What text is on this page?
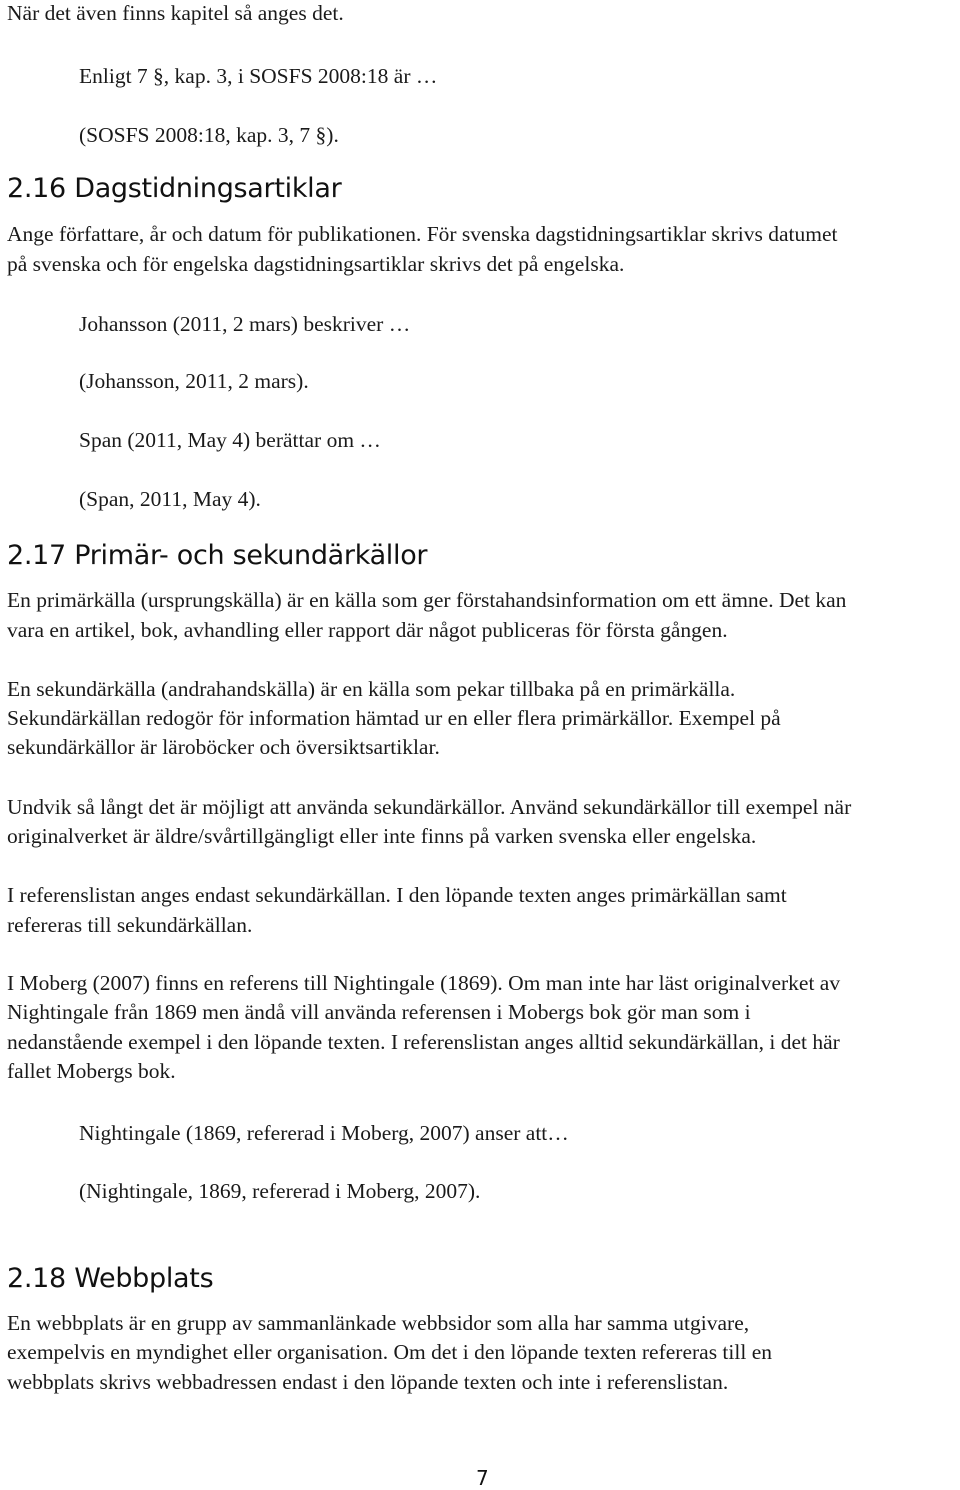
När det även finns kapitel så anges det.
Enligt 7 §, kap. 3, i SOSFS 2008:18 är …
(SOSFS 2008:18, kap. 3, 7 §).
2.16 Dagstidningsartiklar
Ange författare, år och datum för publikationen. För svenska dagstidningsartiklar skrivs datumet
på svenska och för engelska dagstidningsartiklar skrivs det på engelska.
Johansson (2011, 2 mars) beskriver …
(Johansson, 2011, 2 mars).
Span (2011, May 4) berättar om …
(Span, 2011, May 4).
2.17 Primär- och sekundärkällor
En primärkälla (ursprungskälla) är en källa som ger förstahandsinformation om ett ämne. Det kan
vara en artikel, bok, avhandling eller rapport där något publiceras för första gången.
En sekundärkälla (andrahandskälla) är en källa som pekar tillbaka på en primärkälla.
Sekundärkällan redogör för information hämtad ur en eller flera primärkällor. Exempel på
sekundärkällor är läroböcker och översiktsartiklar.
Undvik så långt det är möjligt att använda sekundärkällor. Använd sekundärkällor till exempel när
originalverket är äldre/svårtillgängligt eller inte finns på varken svenska eller engelska.
I referenslistan anges endast sekundärkällan. I den löpande texten anges primärkällan samt
refereras till sekundärkällan.
I Moberg (2007) finns en referens till Nightingale (1869). Om man inte har läst originalverket av
Nightingale från 1869 men ändå vill använda referensen i Mobergs bok gör man som i
nedanstående exempel i den löpande texten. I referenslistan anges alltid sekundärkällan, i det här
fallet Mobergs bok.
Nightingale (1869, refererad i Moberg, 2007) anser att…
(Nightingale, 1869, refererad i Moberg, 2007).
2.18 Webbplats
En webbplats är en grupp av sammanlänkade webbsidor som alla har samma utgivare,
exempelvis en myndighet eller organisation. Om det i den löpande texten refereras till en
webbplats skrivs webbadressen endast i den löpande texten och inte i referenslistan.
7
